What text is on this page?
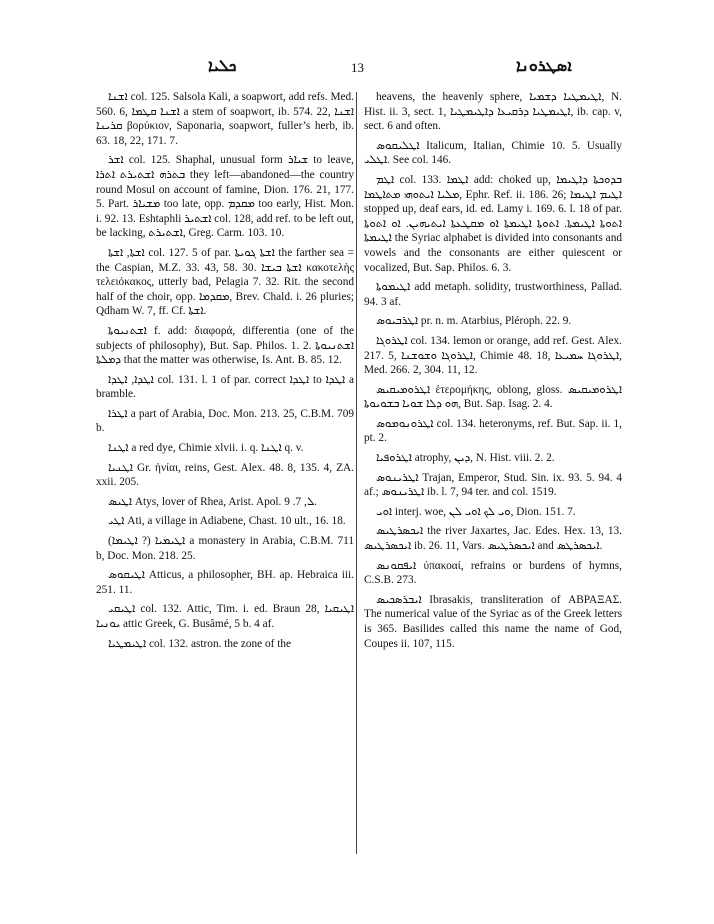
ܟܠܝܐ	13	ܐܣܛܪܘܢܐ

ܐܫܢܐ col. 125. Salsola Kali, a soapwort, add refs. Med. 560. 6, ܐܫܢܐ ܩܛܡܐ a stem of soapwort, ib. 574. 22, ܐܫܢܐ ܩܪܝܢܐ βορύκιον, Saponaria, soapwort, fuller’s herb, ib. 63. 18, 22, 171. 7.

ܐܫܪ col. 125. Shaphal, unusual form ܫܝܐܪ to leave, ܒܬܪܗ ܐܫܬܝܪܬ ܐܬܪܐ they left—abandoned—the country round Mosul on account of famine, Dion. 176. 21, 177. 5. Part. ܡܫܝܐܪ too late, opp. ܡܩܕܡ too early, Hist. Mon. i. 92. 13. Eshtaphli ܐܫܬܝܪ col. 128, add ref. to be left out, be lacking, ܐܫܬܝܪܬ, Greg. Carm. 103. 10.

ܐܫܬܐ, ܐܫܬܐ col. 127. 5 of par. ܐܫܬܐ ܓܘܝܬܐ the farther sea = the Caspian, M.Z. 33. 43, 58. 30. ܐܫܬܐ ܒܝܫܐ κακοτελὴς τελειόκακος, utterly bad, Pelagia 7. 32. Rit. the second half of the choir, opp. ܡܩܕܡܐ, Brev. Chald. i. 26 pluries; Qdham W. 7, ff. Cf. ܐܫܬܐ.

ܐܫܬܢܝܘܬܐ f. add: διαφορά, differentia (one of the subjects of philosophy), But. Sap. Philos. 1. 2. ܐܫܬܢܝܘܬܐ ܕܡܠܬܐ that the matter was otherwise, Is. Ant. B. 85. 12.

ܐܛܕܐ, ܐܛܕܐ col. 131. l. 1 of par. correct ܐܛܕܐ to ܐܛܕܐ a bramble.

ܐܛܪܐ a part of Arabia, Doc. Mon. 213. 25, C.B.M. 709 b.

ܐܛܢܐ a red dye, Chimie xlvii. i. q. ܐܛܢܐ q. v.

ܐܛܢܝܐ Gr. ἡνίαι, reins, Gest. Alex. 48. 8, 135. 4, ZA. xxii. 205.

ܐܛܝܣ Atys, lover of Rhea, Arist. Apol. ܠ, 7. 9.

ܐܛܝ Ati, a village in Adiabene, Chast. 10 ult., 16. 18.

ܐܛܝܡܝܐ (? ܐܛܝܡܐ) a monastery in Arabia, C.B.M. 711 b, Doc. Mon. 218. 25.

ܐܛܝܩܘܣ Atticus, a philosopher, BH. ap. Hebraica iii. 251. 11.

ܐܛܝܩܝ col. 132. Attic, Tim. i. ed. Braun 28, ܐܛܝܩܝܐ ܝܘܢܝܐ attic Greek, G. Busâmé, 5 b. 4 af.

ܐܛܝܡܛܝܐ col. 132. astron. the zone of the

heavens, the heavenly sphere, ܐܛܝܡܛܝܐ ܕܫܡܝܐ, N. Hist. ii. 3, sect. 1, ܐܛܝܡܛܝܐ ܕܪܩܝܥܐ ܕܐܛܝܡܛܝܐ, ib. cap. v, sect. 6 and often.

ܐܛܠܝܩܘܣ Italicum, Italian, Chimie 10. 5. Usually ܐܛܠܝ. See col. 146.

ܐܛܡ col. 133. ܐܛܡܐ add: choked up, ܒܕܘܟܬܐ ܕܐܛܝܡܐ ܡܠܝܐ ܐܝܬܘܗܝ ܡܬܐܛܡܐ, Ephr. Ref. ii. 186. 26; ܐܛܝܡ ܐܛܝܡܐ stopped up, deaf ears, id. ed. Lamy i. 169. 6. l. 18 of par. ܐܬܘܬܐ ܐܛܝܡܬܐ. ܐܬܘܬܐ ܐܛܝܡܬܐ ܐܘ ܡܩܛܥܬܐ ܐܝܬܝܗܝܢ. ܐܘ ܐܬܘܬܐ ܐܛܝܡܬܐ the Syriac alphabet is divided into consonants and vowels and the consonants are either quiescent or vocalized, But. Sap. Philos. 6. 3.

ܐܛܝܡܘܬܐ add metaph. solidity, trustworthiness, Pallad. 94. 3 af.

ܐܛܪܒܝܘܣ pr. n. m. Atarbius, Pléroph. 22. 9.

ܐܛܪܘܓܐ col. 134. lemon or orange, add ref. Gest. Alex. 217. 5, ܐܛܪܘܓܐ ܘܫܘܫܢܐ, Chimie 48. 18, ܐܛܪܘܓܐ ܚܡܝܥܐ, Med. 266. 2, 304. 11, 12.

ܐܛܪܘܡܝܩܝܣ ἑτερομήκης, oblong, gloss. ܐܛܪܘܡܝܩܝܣ ܗܘ ܕܠܐ ܫܘܝܐ ܒܫܘܝܘܬܐ, But. Sap. Isag. 2. 4.

ܐܛܪܘܢܘܡܘܣ col. 134. heteronyms, ref. But. Sap. ii. 1, pt. 2.

ܐܛܪܘܦܝܐ atrophy, ܕܝܢ, N. Hist. viii. 2. 2.

ܐܛܪܝܢܘܣ Trajan, Emperor, Stud. Sin. ix. 93. 5. 94. 4 af.; ܐܛܪܝܢܘܣ ib. l. 7, 94 ter. and col. 1519.

ܐܘܝ interj. woe, ܘܝ ܠܟ ܐܘܝ ܠܢ, Dion. 151. 7.

ܐܝܟܣܪܛܝܣ the river Jaxartes, Jac. Edes. Hex. 13, 13. ܐܝܟܣܪܛܝܣ ib. 26. 11, Vars. ܐܝܟܣܪܛܝܣ and ܐܝܟܣܪܛܣ.

ܐܝܦܩܘܢܣ ὑπακοαί, refrains or burdens of hymns, C.S.B. 273.

ܐܝܒܪܣܟܝܣ Ibrasakis, transliteration of ΑΒΡΑΞΑΣ. The numerical value of the Syriac as of the Greek letters is 365. Basilides called this name the name of God, Coupes ii. 107, 115.
